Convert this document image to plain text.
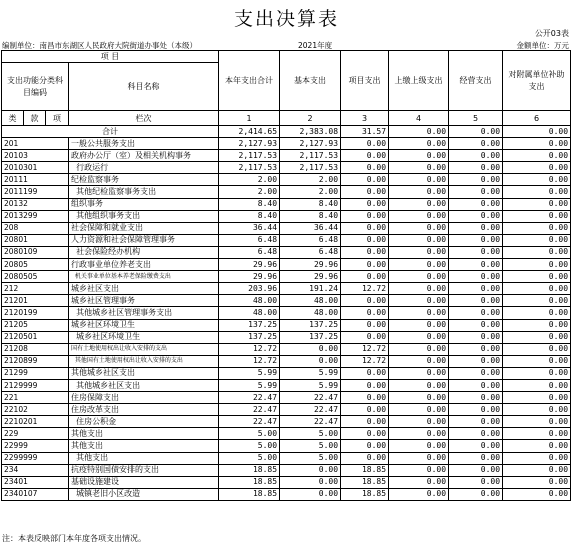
支出决算表
公开03表
编制单位：南昌市东湖区人民政府大院街道办事处（本级）	2021年度	金额单位：万元
项 目				本年支出合计	基本支出	项目支出	上缴上级支出	经营支出	对附属单位补助支出
支出功能分类科目编码			科目名称						
类	款	项							
			栏次	1	2	3	4	5	6
合计				2,414.65	2,383.08	31.57	0.00	0.00	0.00
201			一般公共服务支出	2,127.93	2,127.93	0.00	0.00	0.00	0.00
20103			政府办公厅（室）及相关机构事务	2,117.53	2,117.53	0.00	0.00	0.00	0.00
2010301			行政运行	2,117.53	2,117.53	0.00	0.00	0.00	0.00
20111			纪检监察事务	2.00	2.00	0.00	0.00	0.00	0.00
2011199			其他纪检监察事务支出	2.00	2.00	0.00	0.00	0.00	0.00
20132			组织事务	8.40	8.40	0.00	0.00	0.00	0.00
2013299			其他组织事务支出	8.40	8.40	0.00	0.00	0.00	0.00
208			社会保障和就业支出	36.44	36.44	0.00	0.00	0.00	0.00
20801			人力资源和社会保障管理事务	6.48	6.48	0.00	0.00	0.00	0.00
2080109			社会保险经办机构	6.48	6.48	0.00	0.00	0.00	0.00
20805			行政事业单位养老支出	29.96	29.96	0.00	0.00	0.00	0.00
2080505			机关事业单位基本养老保险缴费支出	29.96	29.96	0.00	0.00	0.00	0.00
212			城乡社区支出	203.96	191.24	12.72	0.00	0.00	0.00
21201			城乡社区管理事务	48.00	48.00	0.00	0.00	0.00	0.00
2120199			其他城乡社区管理事务支出	48.00	48.00	0.00	0.00	0.00	0.00
21205			城乡社区环境卫生	137.25	137.25	0.00	0.00	0.00	0.00
2120501			城乡社区环境卫生	137.25	137.25	0.00	0.00	0.00	0.00
21208			国有土地使用权出让收入安排的支出	12.72	0.00	12.72	0.00	0.00	0.00
2120899			其他国有土地使用权出让收入安排的支出	12.72	0.00	12.72	0.00	0.00	0.00
21299			其他城乡社区支出	5.99	5.99	0.00	0.00	0.00	0.00
2129999			其他城乡社区支出	5.99	5.99	0.00	0.00	0.00	0.00
221			住房保障支出	22.47	22.47	0.00	0.00	0.00	0.00
22102			住房改革支出	22.47	22.47	0.00	0.00	0.00	0.00
2210201			住房公积金	22.47	22.47	0.00	0.00	0.00	0.00
229			其他支出	5.00	5.00	0.00	0.00	0.00	0.00
22999			其他支出	5.00	5.00	0.00	0.00	0.00	0.00
2299999			其他支出	5.00	5.00	0.00	0.00	0.00	0.00
234			抗疫特别国债安排的支出	18.85	0.00	18.85	0.00	0.00	0.00
23401			基础设施建设	18.85	0.00	18.85	0.00	0.00	0.00
2340107			城镇老旧小区改造	18.85	0.00	18.85	0.00	0.00	0.00
注：本表反映部门本年度各项支出情况。
